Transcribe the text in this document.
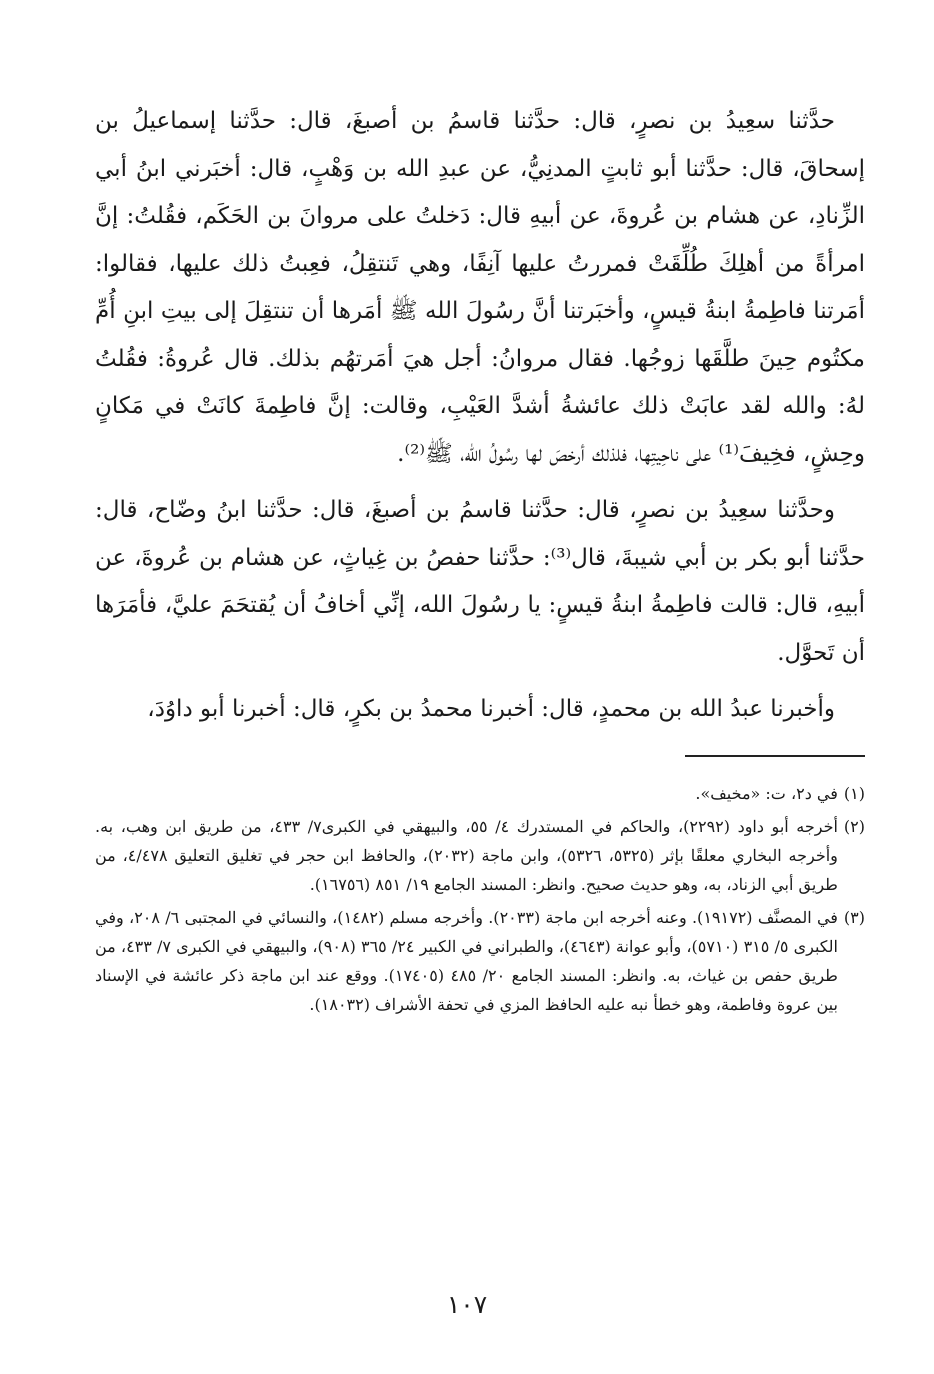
حدَّثنا سعِيدُ بن نصرٍ، قال: حدَّثنا قاسمُ بن أصبغَ، قال: حدَّثنا إسماعيلُ بن إسحاقَ، قال: حدَّثنا أبو ثابتٍ المدنِيُّ، عن عبدِ الله بن وَهْبٍ، قال: أخبَرني ابنُ أبي الزِّنادِ، عن هشام بن عُروةَ، عن أبيهِ قال: دَخلتُ على مروانَ بن الحَكَم، فقُلتُ: إنَّ امرأةً من أهلِكَ طُلِّقَتْ فمررتُ عليها آنِفًا، وهي تَنتقِلُ، فعِبتُ ذلك عليها، فقالوا: أمَرتنا فاطِمةُ ابنةُ قيسٍ، وأخبَرتنا أنَّ رسُولَ الله ﷺ أمَرها أن تنتقِلَ إلى بيتِ ابنِ أُمِّ مكتُوم حِينَ طلَّقَها زوجُها. فقال مروانُ: أجل هيَ أمَرتهُم بذلك. قال عُروةُ: فقُلتُ لهُ: والله لقد عابَتْ ذلك عائشةُ أشدَّ العَيْبِ، وقالت: إنَّ فاطِمةَ كانَتْ في مَكانٍ وحِشٍ، فخِيفَ⁽¹⁾ على ناحِيتِها، فلذلك أرخصَ لها رسُولُ الله، ﷺ⁽²⁾.

وحدَّثنا سعِيدُ بن نصرٍ، قال: حدَّثنا قاسمُ بن أصبغَ، قال: حدَّثنا ابنُ وضّاح، قال: حدَّثنا أبو بكر بن أبي شيبةَ، قال⁽³⁾: حدَّثنا حفصُ بن غِياثٍ، عن هشام بن عُروةَ، عن أبيهِ، قال: قالت فاطِمةُ ابنةُ قيسٍ: يا رسُولَ الله، إنِّي أخافُ أن يُقتحَمَ عليَّ، فأمَرَها أن تَحوَّل.

وأخبرنا عبدُ الله بن محمدٍ، قال: أخبرنا محمدُ بن بكرٍ، قال: أخبرنا أبو داوُدَ،

(١)
في د٢، ت: «مخيف».
(٢)
أخرجه أبو داود (٢٢٩٢)، والحاكم في المستدرك ٤/ ٥٥، والبيهقي في الكبرى٧/ ٤٣٣، من طريق ابن وهب، به. وأخرجه البخاري معلقًا بإثر (٥٣٢٥، ٥٣٢٦)، وابن ماجة (٢٠٣٢)، والحافظ ابن حجر في تغليق التعليق ٤/٤٧٨، من طريق أبي الزناد، به، وهو حديث صحيح. وانظر: المسند الجامع ١٩/ ٨٥١ (١٦٧٥٦).
(٣)
في المصنَّف (١٩١٧٢). وعنه أخرجه ابن ماجة (٢٠٣٣). وأخرجه مسلم (١٤٨٢)، والنسائي في المجتبى ٦/ ٢٠٨، وفي الكبرى ٥/ ٣١٥ (٥٧١٠)، وأبو عوانة (٤٦٤٣)، والطبراني في الكبير ٢٤/ ٣٦٥ (٩٠٨)، والبيهقي في الكبرى ٧/ ٤٣٣، من طريق حفص بن غياث، به. وانظر: المسند الجامع ٢٠/ ٤٨٥ (١٧٤٠٥). ووقع عند ابن ماجة ذكر عائشة في الإسناد بين عروة وفاطمة، وهو خطأ نبه عليه الحافظ المزي في تحفة الأشراف (١٨٠٣٢).
١٠٧
